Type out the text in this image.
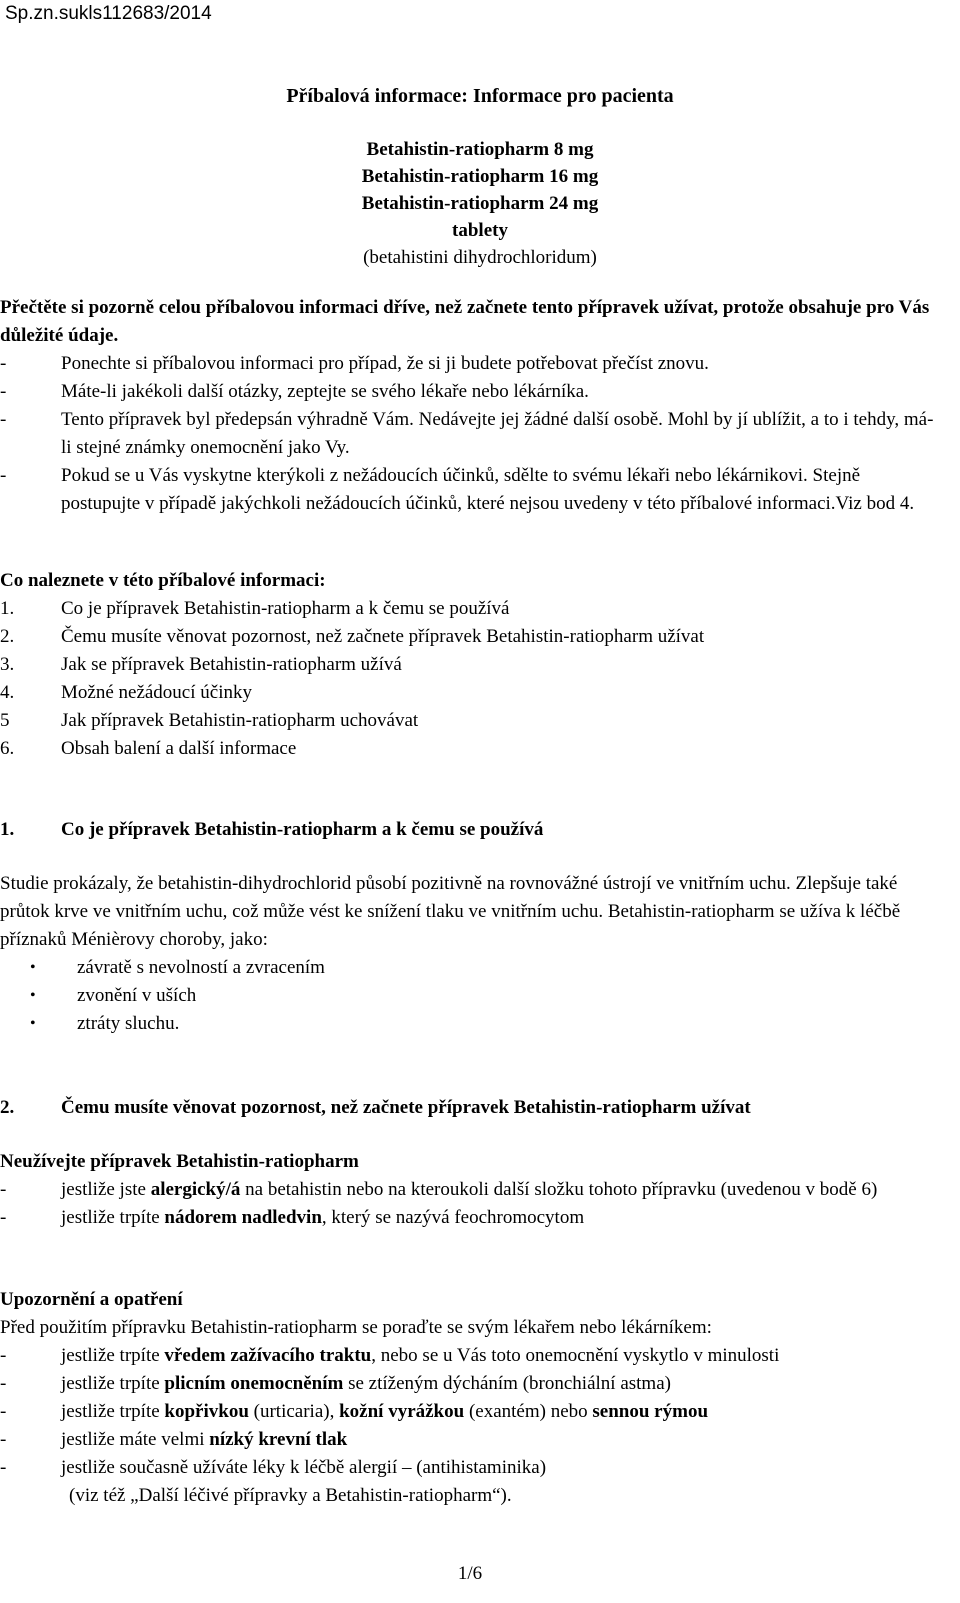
Sp.zn.sukls112683/2014
Příbalová informace: Informace pro pacienta
Betahistin-ratiopharm 8 mg
Betahistin-ratiopharm 16 mg
Betahistin-ratiopharm 24 mg
tablety
(betahistini dihydrochloridum)

Přečtěte si pozorně celou příbalovou informaci dříve, než začnete tento přípravek užívat, protože obsahuje pro Vás důležité údaje.

-	Ponechte si příbalovou informaci pro případ, že si ji budete potřebovat přečíst znovu.
-	Máte-li jakékoli další otázky, zeptejte se svého lékaře nebo lékárníka.
-	Tento přípravek byl předepsán výhradně Vám. Nedávejte jej žádné další osobě. Mohl by jí ublížit, a to i tehdy, má-li stejné známky onemocnění jako Vy.
-	Pokud se u Vás vyskytne kterýkoli z nežádoucích účinků, sdělte to svému lékaři nebo lékárnikovi. Stejně postupujte v případě jakýchkoli nežádoucích účinků, které nejsou uvedeny v této příbalové informaci.Viz bod 4.

Co naleznete v této příbalové informaci:

1.	Co je přípravek Betahistin-ratiopharm a k čemu se používá
2.	Čemu musíte věnovat pozornost, než začnete přípravek Betahistin-ratiopharm užívat
3.	Jak se přípravek Betahistin-ratiopharm užívá
4.	Možné nežádoucí účinky
5	Jak přípravek Betahistin-ratiopharm uchovávat
6.	Obsah balení a další informace
1.	Co je přípravek Betahistin-ratiopharm a k čemu se používá

Studie prokázaly, že betahistin-dihydrochlorid působí pozitivně na rovnovážné ústrojí ve vnitřním uchu. Zlepšuje také průtok krve ve vnitřním uchu, což může vést ke snížení tlaku ve vnitřním uchu. Betahistin-ratiopharm se užíva k léčbě příznaků Ménièrovy choroby, jako:

•	závratě s nevolností a zvracením
•	zvonění v uších
•	ztráty sluchu.
2.	Čemu musíte věnovat pozornost, než začnete přípravek Betahistin-ratiopharm užívat

Neužívejte přípravek Betahistin-ratiopharm

-	jestliže jste alergický/á na betahistin nebo na kteroukoli další složku tohoto přípravku (uvedenou v bodě 6)
-	jestliže trpíte nádorem nadledvin, který se nazývá feochromocytom

Upozornění a opatření

Před použitím přípravku Betahistin-ratiopharm se poraďte se svým lékařem nebo lékárníkem:

-	jestliže trpíte vředem zažívacího traktu, nebo se u Vás toto onemocnění vyskytlo v minulosti
-	jestliže trpíte plicním onemocněním se ztíženým dýcháním (bronchiální astma)
-	jestliže trpíte kopřivkou (urticaria), kožní vyrážkou (exantém) nebo sennou rýmou
-	jestliže máte velmi nízký krevní tlak
-	jestliže současně užíváte léky k léčbě alergií – (antihistaminika)
(viz též „Další léčivé přípravky a Betahistin-ratiopharm“).
1/6
